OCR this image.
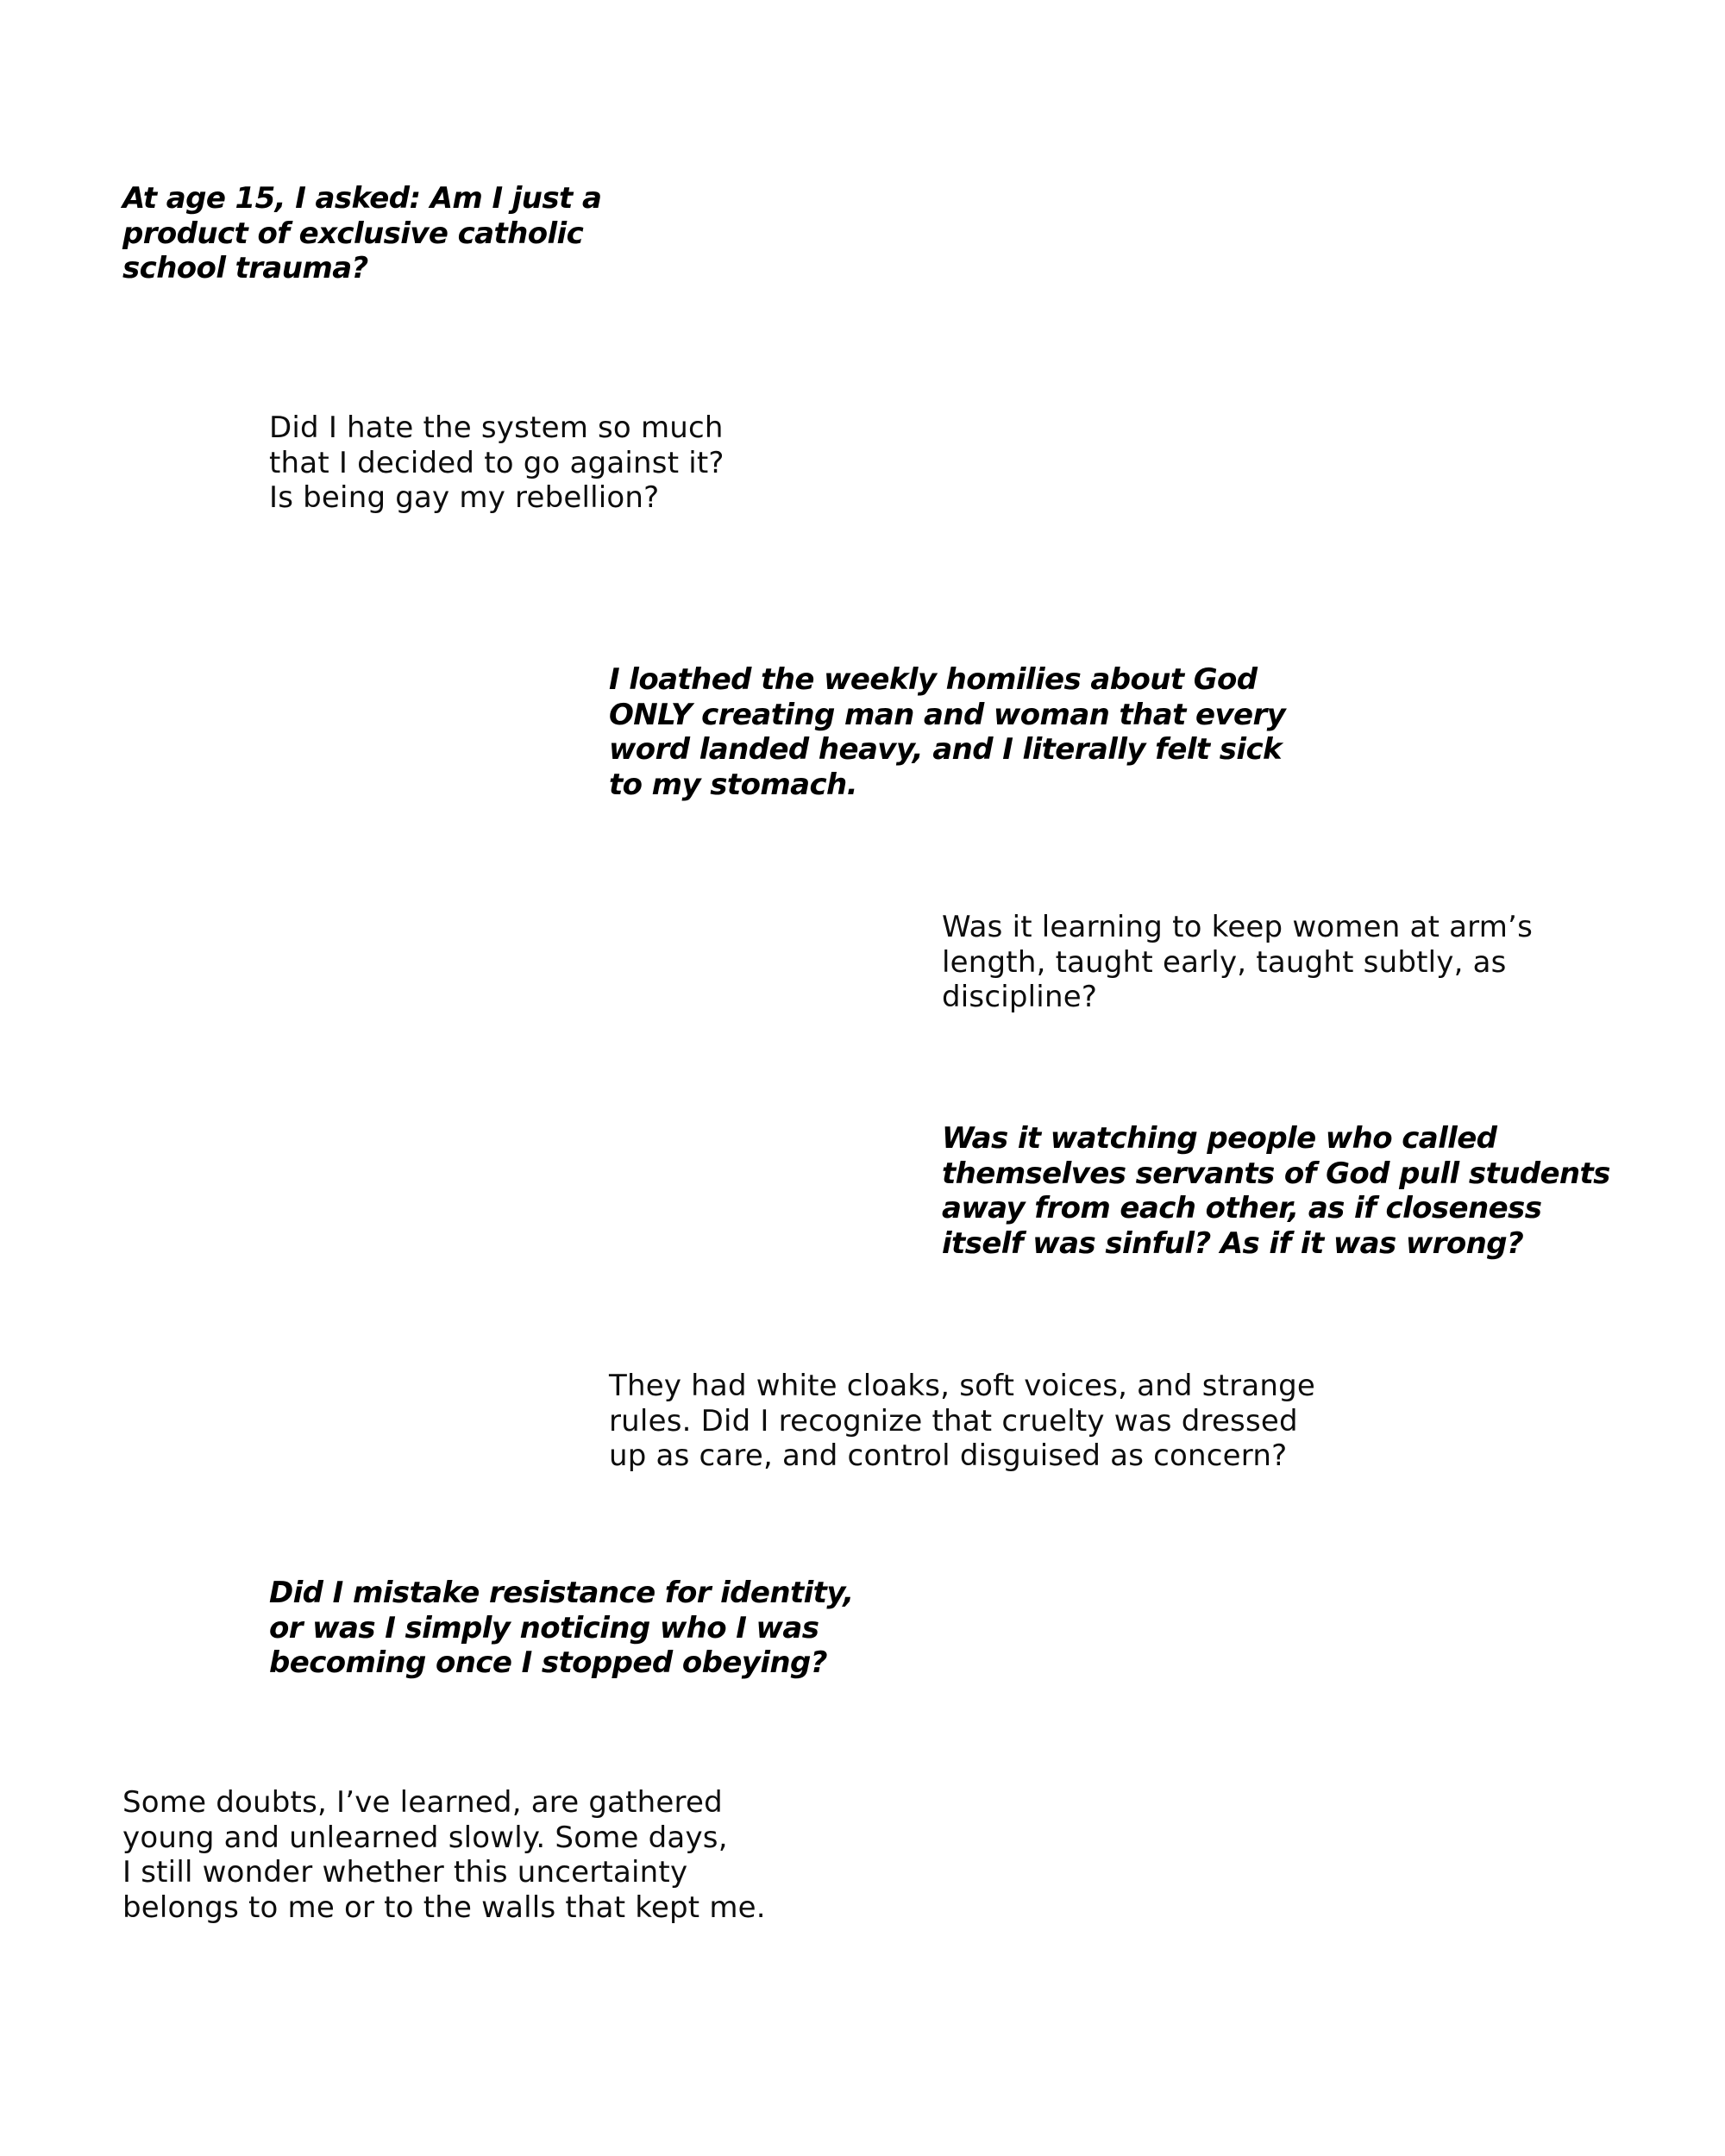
At age 15, I asked: Am I just a
product of exclusive catholic
school trauma?
Did I hate the system so much
that I decided to go against it?
Is being gay my rebellion?
I loathed the weekly homilies about God
ONLY creating man and woman that every
word landed heavy, and I literally felt sick
to my stomach.
Was it learning to keep women at arm’s
length, taught early, taught subtly, as
discipline?
Was it watching people who called
themselves servants of God pull students
away from each other, as if closeness
itself was sinful? As if it was wrong?
They had white cloaks, soft voices, and strange
rules. Did I recognize that cruelty was dressed
up as care, and control disguised as concern?
Did I mistake resistance for identity,
or was I simply noticing who I was
becoming once I stopped obeying?
Some doubts, I’ve learned, are gathered
young and unlearned slowly. Some days,
I still wonder whether this uncertainty
belongs to me or to the walls that kept me.
